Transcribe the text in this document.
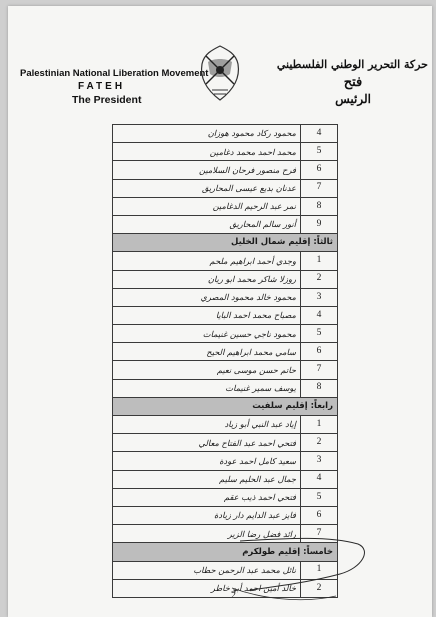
Palestinian National Liberation Movement
FATEH
The President
حركة التحرير الوطني الفلسطيني
فتح
الرئيس
2
4	محمود ركاد محمود هوزان
5	محمد احمد محمد دغامين
6	فرح منصور فرحان السلامين
7	عدنان بديع عيسى المحاريق
8	نمر عبد الرحيم الدغامين
9	أنور سالم المحاريق
ثالثاً: إقليم شمال الخليل	
1	وجدي أحمد ابراهيم ملحم
2	روزلا شاكر محمد ابو ريان
3	محمود خالد محمود المصري
4	مصباح محمد احمد البايا
5	محمود ناجي حسين غنيمات
6	سامي محمد ابراهيم الحيح
7	حاتم حسن موسى نعيم
8	يوسف سمير غنيمات
رابعاً: إقليم سلفيت	
1	إياد عبد النبي أبو زياد
2	فتحي احمد عبد الفتاح معالي
3	سعيد كامل احمد عودة
4	جمال عبد الحليم سليم
5	فتحي احمد ذيب عقم
6	فايز عبد الدايم دار زيادة
7	رائد فضل رضا الزير
خامساً: إقليم طولكرم	
1	نائل محمد عبد الرحمن حطاب
2	خالد أمين احمد أبو خاطر
